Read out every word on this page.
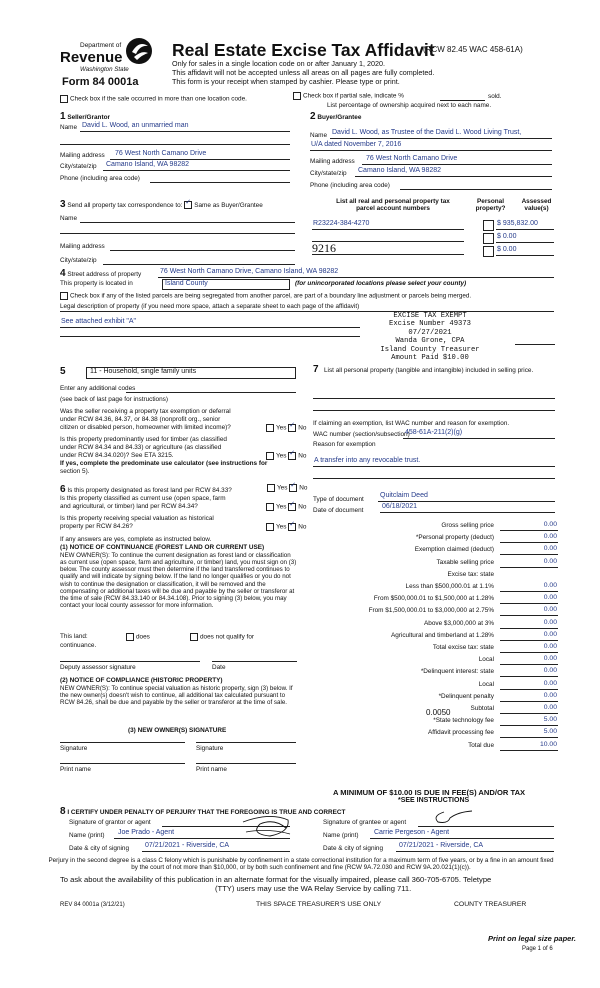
Department of
Revenue
Washington State
Form 84 0001a
Real Estate Excise Tax Affidavit
(RCW 82.45 WAC 458-61A)
Only for sales in a single location code on or after January 1, 2020.
This affidavit will not be accepted unless all areas on all pages are fully completed.
This form is your receipt when stamped by cashier. Please type or print.
Check box if the sale occurred in more than one location code.	Check box if partial sale, indicate %	sold.
List percentage of ownership acquired next to each name.
1 Seller/Grantor
Name David L. Wood, an unmarried man
Mailing address 76 West North Camano Drive
City/state/zip Camano Island, WA 98282
Phone (including area code)
2 Buyer/Grantee
Name David L. Wood, as Trustee of the David L. Wood Living Trust,
U/A dated November 7, 2016
Mailing address 76 West North Camano Drive
City/state/zip Camano Island, WA 98282
Phone (including area code)
3 Send all property tax correspondence to: ✓ Same as Buyer/Grantee
Name
Mailing address
City/state/zip
List all real and personal property tax
parcel account numbers
Personal
property?
Assessed
value(s)
R23224-384-4270	$ 935,832.00
$ 0.00
9216	$ 0.00
4 Street address of property	76 West North Camano Drive, Camano Island, WA 98282
This property is located in	Island County	(for unincorporated locations please select your county)
Check box if any of the listed parcels are being segregated from another parcel, are part of a boundary line adjustment or parcels being merged.
Legal description of property (if you need more space, attach a separate sheet to each page of the affidavit)
See attached exhibit "A"
EXCISE TAX EXEMPT
Excise Number 49373
07/27/2021
Wanda Grone, CPA
Island County Treasurer
Amount Paid $10.00
5	11 - Household, single family units
Enter any additional codes
(see back of last page for instructions)
Was the seller receiving a property tax exemption or deferral
under RCW 84.36, 84.37, or 84.38 (nonprofit org., senior
citizen or disabled person, homeowner with limited income)?	Yes ✓ No
Is this property predominantly used for timber (as classified
under RCW 84.34 and 84.33) or agriculture (as classified
under RCW 84.34.020)? See ETA 3215.	Yes ✓ No
If yes, complete the predominate use calculator (see instructions for
section 5).
7 List all personal property (tangible and intangible) included in selling price.
If claiming an exemption, list WAC number and reason for exemption.
WAC number (section/subsection)
458-61A-211(2)(g)
Reason for exemption
A transfer into any revocable trust.
6 Is this property designated as forest land per RCW 84.33?	Yes ✓ No
Is this property classified as current use (open space, farm
and agricultural, or timber) land per RCW 84.34?	Yes ✓ No
Is this property receiving special valuation as historical
property per RCW 84.26?	Yes ✓ No
If any answers are yes, complete as instructed below.
(1) NOTICE OF CONTINUANCE (FOREST LAND OR CURRENT USE)
NEW OWNER(S): To continue the current designation as forest land or classification as current use (open space, farm and agriculture, or timber) land, you must sign on (3) below. The county assessor must then determine if the land transferred continues to qualify and will indicate by signing below. If the land no longer qualifies or you do not wish to continue the designation or classification, it will be removed and the compensating or additional taxes will be due and payable by the seller or transferor at the time of sale (RCW 84.33.140 or 84.34.108). Prior to signing (3) below, you may contact your local county assessor for more information.
This land:	does	does not qualify for
continuance.
Deputy assessor signature	Date
(2) NOTICE OF COMPLIANCE (HISTORIC PROPERTY)
NEW OWNER(S): To continue special valuation as historic property, sign (3) below. If the new owner(s) doesn't wish to continue, all additional tax calculated pursuant to RCW 84.26, shall be due and payable by the seller or transferor at the time of sale.
(3) NEW OWNER(S) SIGNATURE
Signature	Signature
Print name	Print name
Type of document
Quitclaim Deed
Date of document
06/18/2021
Gross selling price	0.00
*Personal property (deduct)	0.00
Exemption claimed (deduct)	0.00
Taxable selling price	0.00
Excise tax: state
Less than $500,000.01 at 1.1%	0.00
From $500,000.01 to $1,500,000 at 1.28%	0.00
From $1,500,000.01 to $3,000,000 at 2.75%	0.00
Above $3,000,000 at 3%	0.00
Agricultural and timberland at 1.28%	0.00
Total excise tax: state	0.00
Local	0.00
*Delinquent interest: state	0.00
Local	0.00
*Delinquent penalty	0.00
Subtotal	0.00
*State technology fee	5.00
Affidavit processing fee	5.00
Total due	10.00
0.0050
A MINIMUM OF $10.00 IS DUE IN FEE(S) AND/OR TAX
*SEE INSTRUCTIONS
8 I CERTIFY UNDER PENALTY OF PERJURY THAT THE FOREGOING IS TRUE AND CORRECT
Signature of grantor or agent
Name (print) Joe Prado - Agent
Date & city of signing 07/21/2021 - Riverside, CA
Signature of grantee or agent
Name (print) Carrie Pergeson - Agent
Date & city of signing 07/21/2021 - Riverside, CA
Perjury in the second degree is a class C felony which is punishable by confinement in a state correctional institution for a maximum term of five years, or by a fine in an amount fixed by the court of not more than $10,000, or by both such confinement and fine (RCW 9A.72.030 and RCW 9A.20.021(1)(c)).
To ask about the availability of this publication in an alternate format for the visually impaired, please call 360-705-6705. Teletype
(TTY) users may use the WA Relay Service by calling 711.
REV 84 0001a (3/12/21)	THIS SPACE TREASURER'S USE ONLY	COUNTY TREASURER
Print on legal size paper.
Page 1 of 6
